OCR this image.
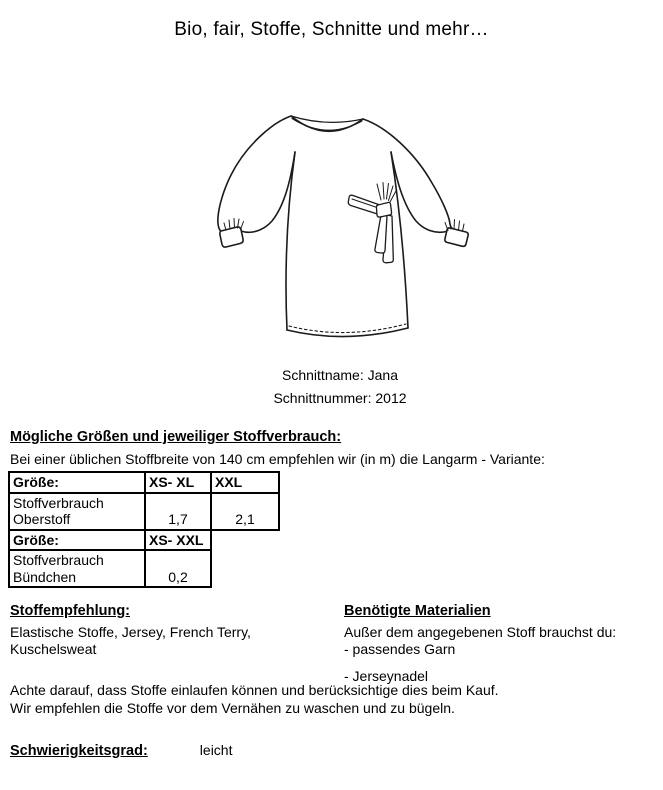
Bio, fair, Stoffe, Schnitte und mehr…
Schnittname: Jana
Schnittnummer: 2012
Mögliche Größen und jeweiliger Stoffverbrauch:
Bei einer üblichen Stoffbreite von 140 cm empfehlen wir (in m) die Langarm - Variante:
Größe:	XS- XL	XXL
Stoffverbrauch Oberstoff	1,7	2,1
Größe:	XS- XXL	
Stoffverbrauch Bündchen	0,2	
Stoffempfehlung:
Elastische Stoffe, Jersey, French Terry, Kuschelsweat
Benötigte Materialien
Außer dem angegebenen Stoff brauchst du:
- passendes Garn
- Jerseynadel
Achte darauf, dass Stoffe einlaufen können und berücksichtige dies beim Kauf.
Wir empfehlen die Stoffe vor dem Vernähen zu waschen und zu bügeln.
Schwierigkeitsgrad:	leicht
